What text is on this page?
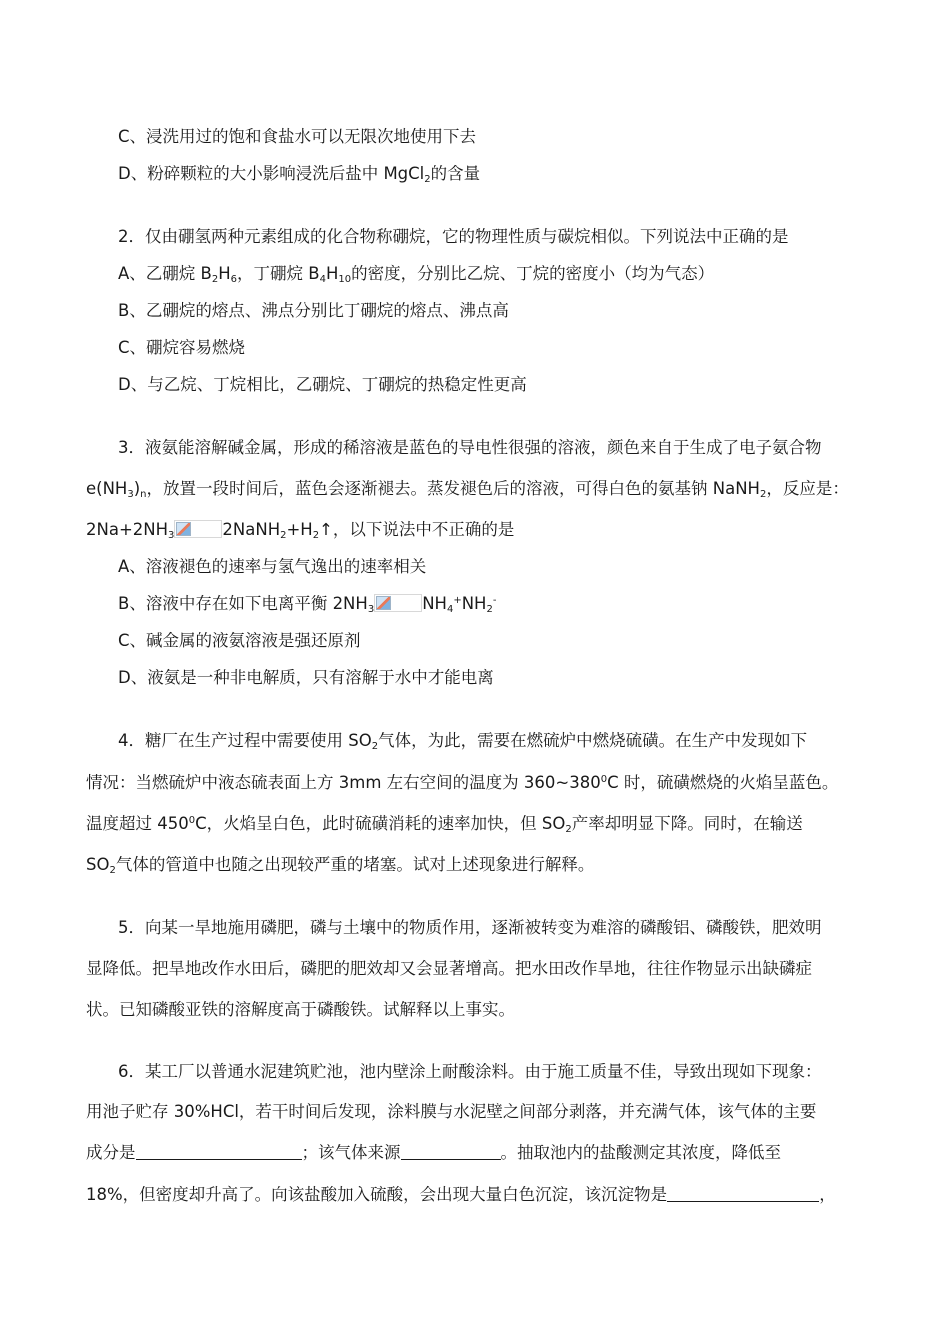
C、浸洗用过的饱和食盐水可以无限次地使用下去
D、粉碎颗粒的大小影响浸洗后盐中 MgCl$_2$的含量
2．仅由硼氢两种元素组成的化合物称硼烷，它的物理性质与碳烷相似。下列说法中正确的是
A、乙硼烷 $B_2H_6$，丁硼烷 $B_4H_{10}$的密度，分别比乙烷、丁烷的密度小（均为气态）
B、乙硼烷的熔点、沸点分别比丁硼烷的熔点、沸点高
C、硼烷容易燃烧
D、与乙烷、丁烷相比，乙硼烷、丁硼烷的热稳定性更高
3．液氨能溶解碱金属，形成的稀溶液是蓝色的导电性很强的溶液，颜色来自于生成了电子氨合物
$e(NH_3)_n$，放置一段时间后，蓝色会逐渐褪去。蒸发褪色后的溶液，可得白色的氨基钠 NaNH$_2$，反应是：
$2Na+2NH_3$	$2NaNH_2+H_2↑$，以下说法中不正确的是
A、溶液褪色的速率与氢气逸出的速率相关
B、溶液中存在如下电离平衡 $2NH_3$	$NH_4^+NH_2^-$
C、碱金属的液氨溶液是强还原剂
D、液氨是一种非电解质，只有溶解于水中才能电离
4．糖厂在生产过程中需要使用 $SO_2$气体，为此，需要在燃硫炉中燃烧硫磺。在生产中发现如下
情况：当燃硫炉中液态硫表面上方 3mm 左右空间的温度为 $360\sim 380^0C$ 时，硫磺燃烧的火焰呈蓝色。
温度超过 $450^0C$，火焰呈白色，此时硫磺消耗的速率加快，但 $SO_2$产率却明显下降。同时，在输送
$SO_2$气体的管道中也随之出现较严重的堵塞。试对上述现象进行解释。
5．向某一旱地施用磷肥，磷与土壤中的物质作用，逐渐被转变为难溶的磷酸铝、磷酸铁，肥效明
显降低。把旱地改作水田后，磷肥的肥效却又会显著增高。把水田改作旱地，往往作物显示出缺磷症
状。已知磷酸亚铁的溶解度高于磷酸铁。试解释以上事实。
6．某工厂以普通水泥建筑贮池，池内壁涂上耐酸涂料。由于施工质量不佳，导致出现如下现象：
用池子贮存 30%HCl，若干时间后发现，涂料膜与水泥壁之间部分剥落，并充满气体，该气体的主要
成分是	；该气体来源	。抽取池内的盐酸测定其浓度，降低至
18%，但密度却升高了。向该盐酸加入硫酸，会出现大量白色沉淀，该沉淀物是	，
